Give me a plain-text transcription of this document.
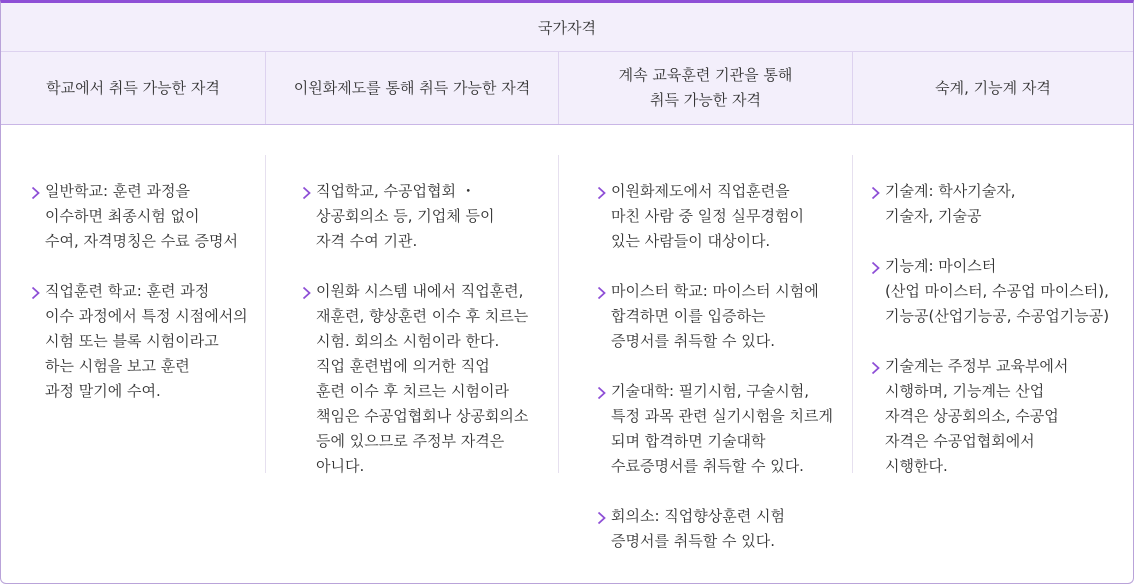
국가자격
학교에서 취득 가능한 자격	이원화제도를 통해 취득 가능한 자격
계속 교육훈련 기관을 통해
취득 가능한 자격
숙계, 기능계 자격
일반학교: 훈련 과정을
이수하면 최종시험 없이
수여, 자격명칭은 수료 증명서
직업훈련 학교: 훈련 과정
이수 과정에서 특정 시점에서의
시험 또는 블록 시험이라고
하는 시험을 보고 훈련
과정 말기에 수여.
직업학교, 수공업협회 ・
상공회의소 등, 기업체 등이
자격 수여 기관.
이원화 시스템 내에서 직업훈련,
재훈련, 향상훈련 이수 후 치르는
시험. 회의소 시험이라 한다.
직업 훈련법에 의거한 직업
훈련 이수 후 치르는 시험이라
책임은 수공업협회나 상공회의소
등에 있으므로 주정부 자격은
아니다.
이원화제도에서 직업훈련을
마친 사람 중 일정 실무경험이
있는 사람들이 대상이다.
마이스터 학교: 마이스터 시험에
합격하면 이를 입증하는
증명서를 취득할 수 있다.
기술대학: 필기시험, 구술시험,
특정 과목 관련 실기시험을 치르게
되며 합격하면 기술대학
수료증명서를 취득할 수 있다.
회의소: 직업향상훈련 시험
증명서를 취득할 수 있다.
기술계: 학사기술자,
기술자, 기술공
기능계: 마이스터
(산업 마이스터, 수공업 마이스터),
기능공(산업기능공, 수공업기능공)
기술계는 주정부 교육부에서
시행하며, 기능계는 산업
자격은 상공회의소, 수공업
자격은 수공업협회에서
시행한다.
